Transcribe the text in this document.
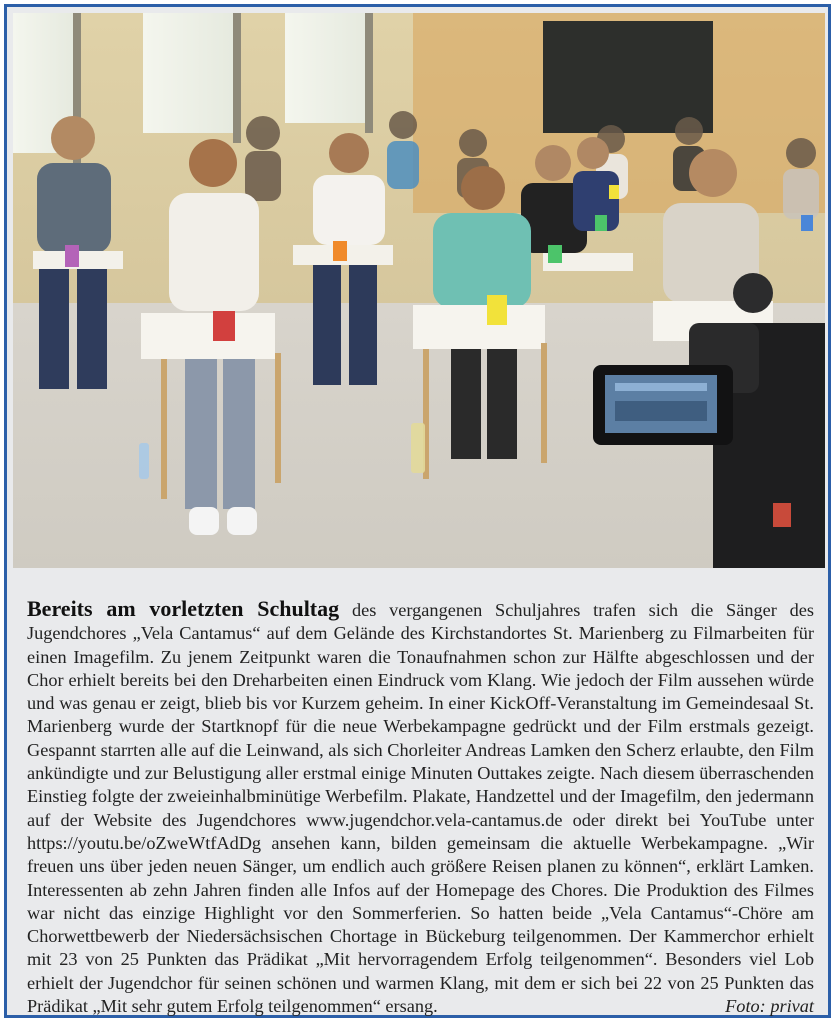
Bereits am vorletzten Schultag des vergangenen Schuljahres trafen sich die Sänger des Jugendchores „Vela Cantamus“ auf dem Gelände des Kirchstandortes St. Marienberg zu Filmarbeiten für einen Imagefilm. Zu jenem Zeitpunkt waren die Tonaufnahmen schon zur Hälfte abgeschlossen und der Chor erhielt bereits bei den Dreharbeiten einen Eindruck vom Klang. Wie jedoch der Film aussehen würde und was genau er zeigt, blieb bis vor Kurzem geheim. In einer KickOff-Veranstaltung im Gemeindesaal St. Marienberg wurde der Startknopf für die neue Werbekampagne gedrückt und der Film erstmals gezeigt. Gespannt starrten alle auf die Leinwand, als sich Chorleiter Andreas Lamken den Scherz erlaubte, den Film ankündigte und zur Belustigung aller erstmal einige Minuten Outtakes zeigte. Nach diesem überraschenden Einstieg folgte der zweieinhalbminütige Werbefilm. Plakate, Handzettel und der Imagefilm, den jedermann auf der Website des Jugendchores www.jugendchor.vela-cantamus.de oder direkt bei YouTube unter https://youtu.be/oZweWtfAdDg ansehen kann, bilden gemeinsam die aktuelle Werbekampagne. „Wir freuen uns über jeden neuen Sänger, um endlich auch größere Reisen planen zu können“, erklärt Lamken. Interessenten ab zehn Jahren finden alle Infos auf der Homepage des Chores. Die Produktion des Filmes war nicht das einzige Highlight vor den Sommerferien. So hatten beide „Vela Cantamus“-Chöre am Chorwettbewerb der Niedersächsischen Chortage in Bückeburg teilgenommen. Der Kammerchor erhielt mit 23 von 25 Punkten das Prädikat „Mit hervorragendem Erfolg teilgenommen“. Besonders viel Lob erhielt der Jugendchor für seinen schönen und warmen Klang, mit dem er sich bei 22 von 25 Punkten das Prädikat „Mit sehr gutem Erfolg teilgenommen“ ersang.	Foto: privat
